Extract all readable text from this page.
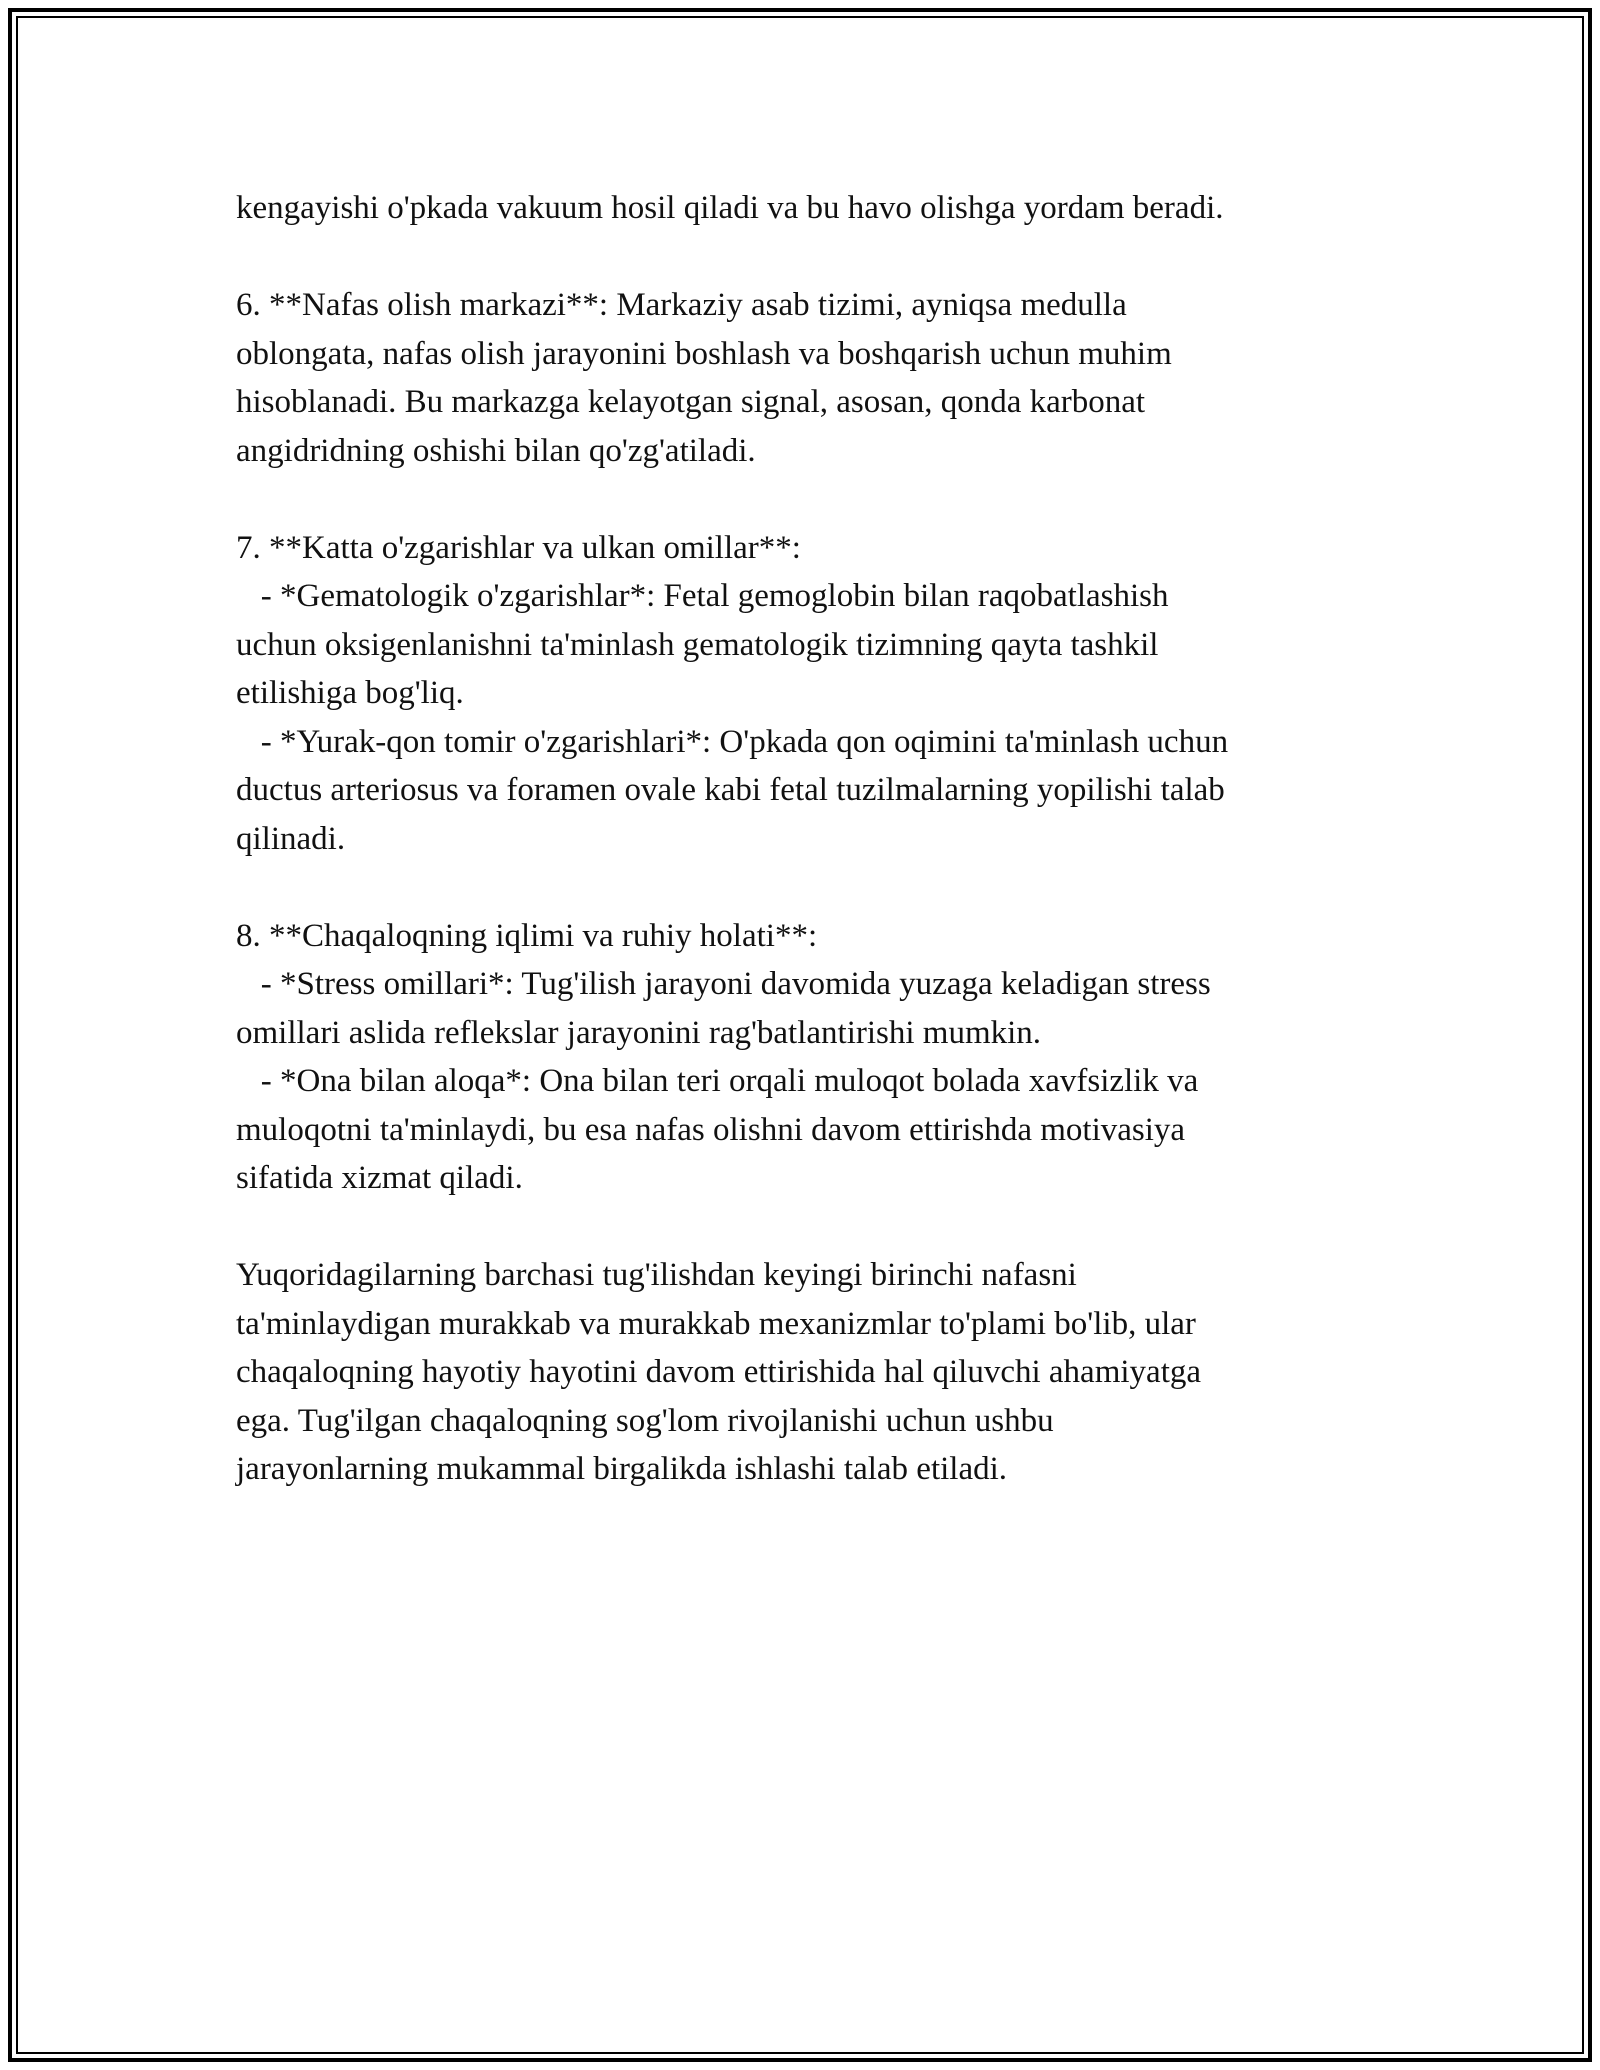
kengayishi o'pkada vakuum hosil qiladi va bu havo olishga yordam beradi.
6. **Nafas olish markazi**: Markaziy asab tizimi, ayniqsa medulla
oblongata, nafas olish jarayonini boshlash va boshqarish uchun muhim
hisoblanadi. Bu markazga kelayotgan signal, asosan, qonda karbonat
angidridning oshishi bilan qo'zg'atiladi.
7. **Katta o'zgarishlar va ulkan omillar**:
- *Gematologik o'zgarishlar*: Fetal gemoglobin bilan raqobatlashish
uchun oksigenlanishni ta'minlash gematologik tizimning qayta tashkil
etilishiga bog'liq.
- *Yurak-qon tomir o'zgarishlari*: O'pkada qon oqimini ta'minlash uchun
ductus arteriosus va foramen ovale kabi fetal tuzilmalarning yopilishi talab
qilinadi.
8. **Chaqaloqning iqlimi va ruhiy holati**:
- *Stress omillari*: Tug'ilish jarayoni davomida yuzaga keladigan stress
omillari aslida reflekslar jarayonini rag'batlantirishi mumkin.
- *Ona bilan aloqa*: Ona bilan teri orqali muloqot bolada xavfsizlik va
muloqotni ta'minlaydi, bu esa nafas olishni davom ettirishda motivasiya
sifatida xizmat qiladi.
Yuqoridagilarning barchasi tug'ilishdan keyingi birinchi nafasni
ta'minlaydigan murakkab va murakkab mexanizmlar to'plami bo'lib, ular
chaqaloqning hayotiy hayotini davom ettirishida hal qiluvchi ahamiyatga
ega. Tug'ilgan chaqaloqning sog'lom rivojlanishi uchun ushbu
jarayonlarning mukammal birgalikda ishlashi talab etiladi.
